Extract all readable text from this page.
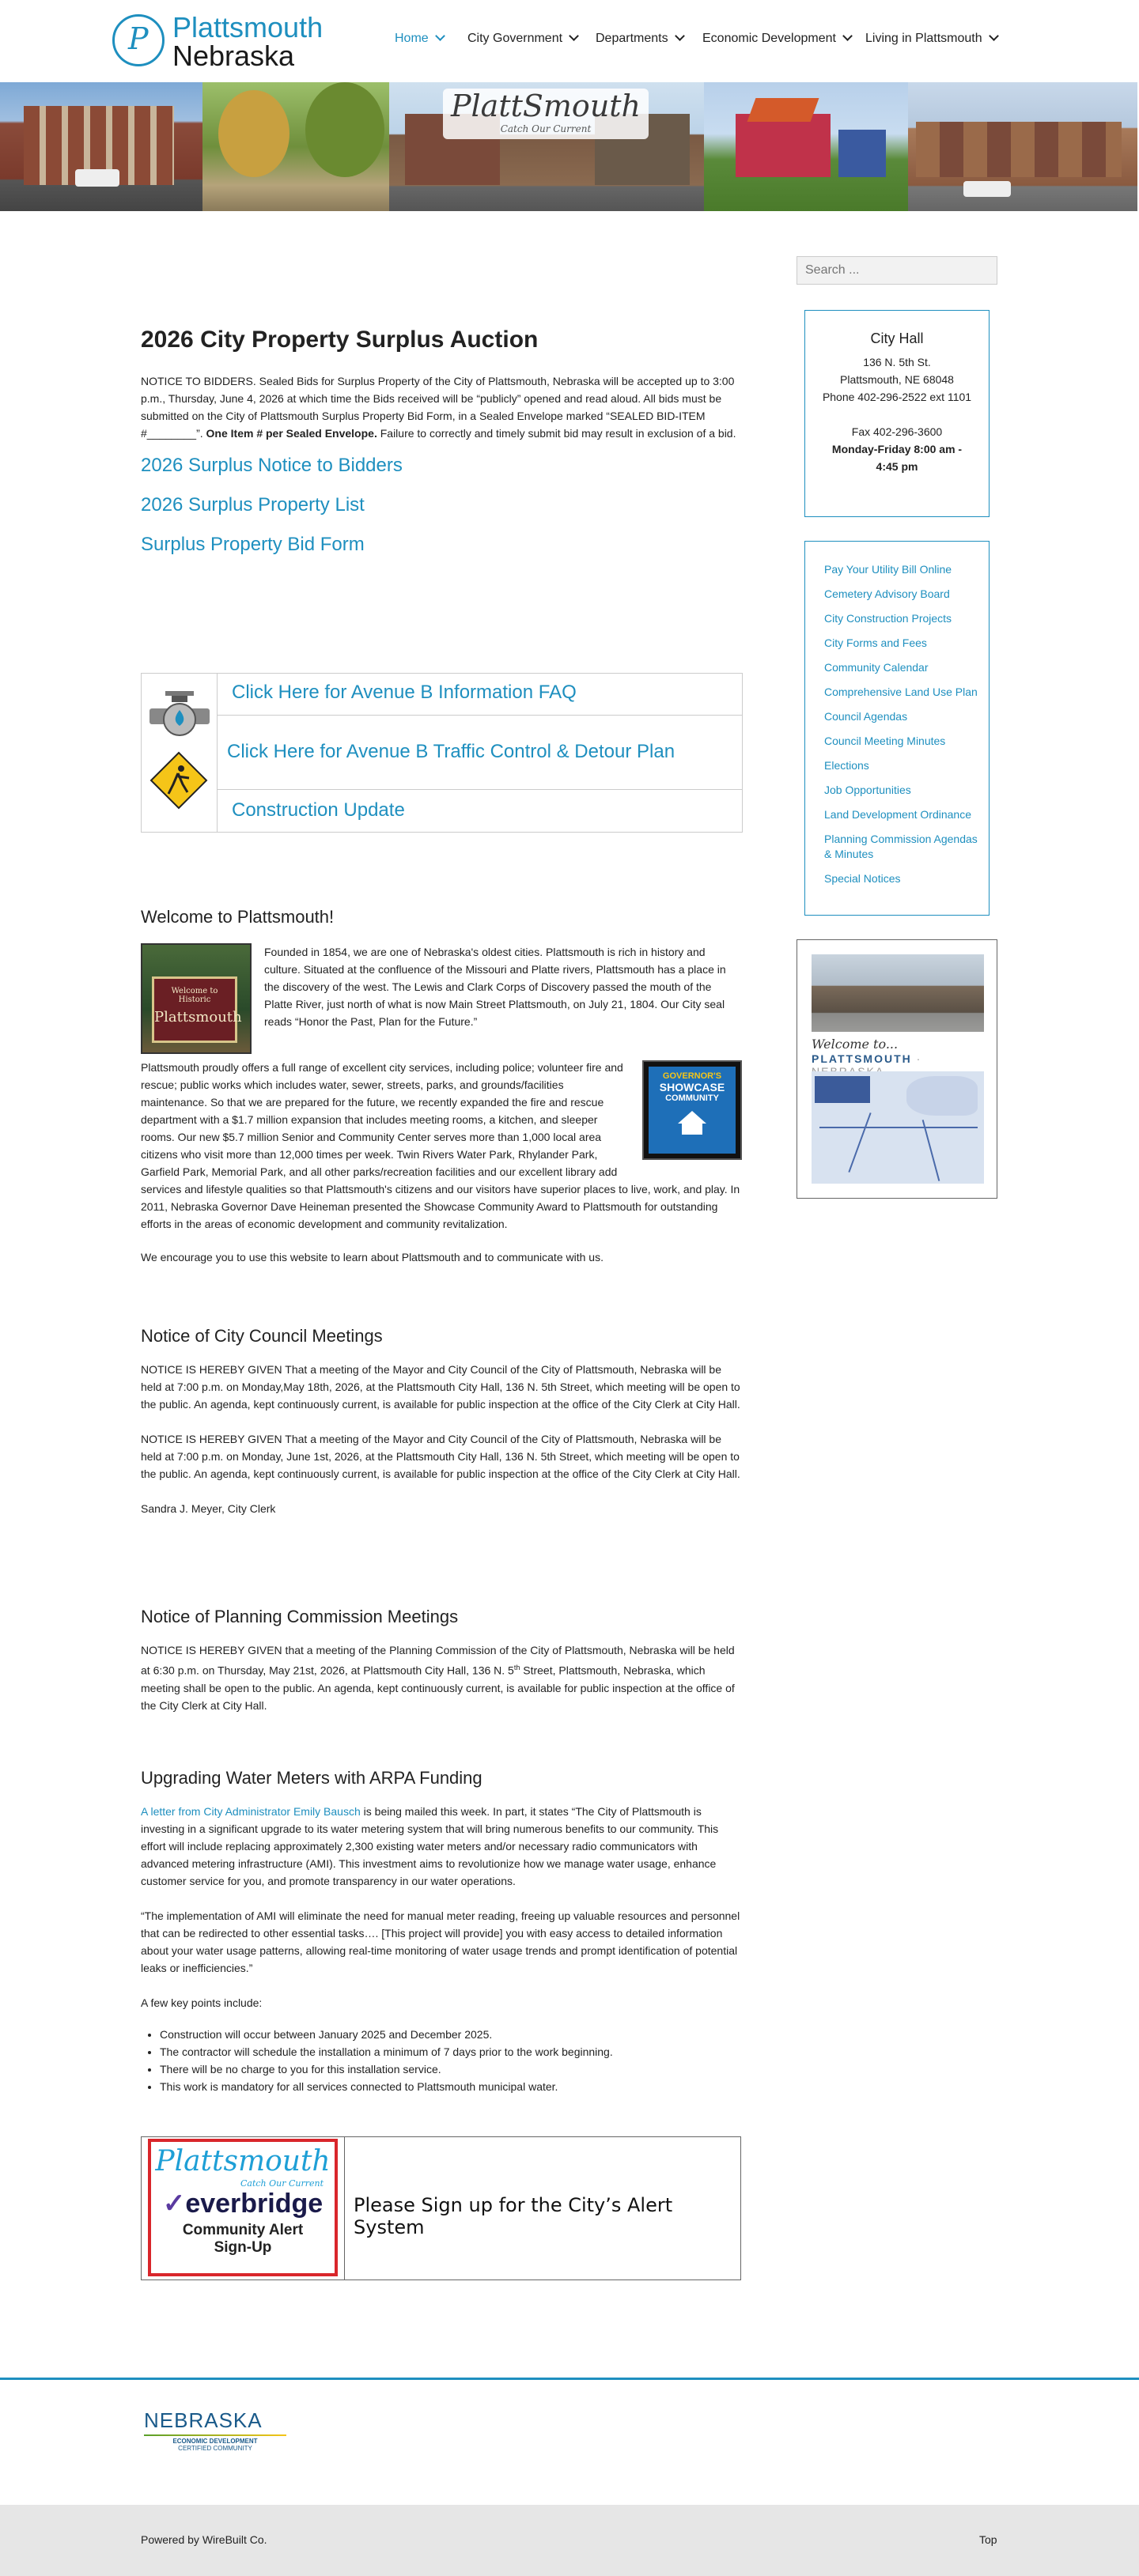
P Plattsmouth
Nebraska
Home	City Government	Departments	Economic Development	Living in Plattsmouth
PlattSmouth
Catch Our Current
Search ...
City Hall
136 N. 5th St.
Plattsmouth, NE 68048
Phone 402-296-2522 ext 1101
Fax 402-296-3600
Monday-Friday 8:00 am - 4:45 pm
Pay Your Utility Bill Online
Cemetery Advisory Board
City Construction Projects
City Forms and Fees
Community Calendar
Comprehensive Land Use Plan
Council Agendas
Council Meeting Minutes
Elections
Job Opportunities
Land Development Ordinance
Planning Commission Agendas & Minutes
Special Notices
Welcome to...
PLATTSMOUTH ·
2026 City Property Surplus Auction

NOTICE TO BIDDERS. Sealed Bids for Surplus Property of the City of Plattsmouth, Nebraska will be accepted up to 3:00 p.m., Thursday, June 4, 2026 at which time the Bids received will be “publicly” opened and read aloud. All bids must be submitted on the City of Plattsmouth Surplus Property Bid Form, in a Sealed Envelope marked “SEALED BID-ITEM #________”. One Item # per Sealed Envelope. Failure to correctly and timely submit bid may result in exclusion of a bid.

2026 Surplus Notice to Bidders
2026 Surplus Property List
Surplus Property Bid Form
Click Here for Avenue B Information FAQ
Click Here for Avenue B Traffic Control & Detour Plan
Construction Update
Welcome to Plattsmouth!
Welcome to Historic
Plattsmouth

Founded in 1854, we are one of Nebraska's oldest cities. Plattsmouth is rich in history and culture. Situated at the confluence of the Missouri and Platte rivers, Plattsmouth has a place in the discovery of the west. The Lewis and Clark Corps of Discovery passed the mouth of the Platte River, just north of what is now Main Street Plattsmouth, on July 21, 1804. Our City seal reads “Honor the Past, Plan for the Future.”

GOVERNOR'S
SHOWCASE
COMMUNITY

Plattsmouth proudly offers a full range of excellent city services, including police; volunteer fire and rescue; public works which includes water, sewer, streets, parks, and grounds/facilities maintenance. So that we are prepared for the future, we recently expanded the fire and rescue department with a $1.7 million expansion that includes meeting rooms, a kitchen, and sleeper rooms. Our new $5.7 million Senior and Community Center serves more than 1,000 local area citizens who visit more than 12,000 times per week. Twin Rivers Water Park, Rhylander Park, Garfield Park, Memorial Park, and all other parks/recreation facilities and our excellent library add services and lifestyle qualities so that Plattsmouth's citizens and our visitors have superior places to live, work, and play. In 2011, Nebraska Governor Dave Heineman presented the Showcase Community Award to Plattsmouth for outstanding efforts in the areas of economic development and community revitalization.

We encourage you to use this website to learn about Plattsmouth and to communicate with us.

Notice of City Council Meetings

NOTICE IS HEREBY GIVEN That a meeting of the Mayor and City Council of the City of Plattsmouth, Nebraska will be held at 7:00 p.m. on Monday,May 18th, 2026, at the Plattsmouth City Hall, 136 N. 5th Street, which meeting will be open to the public. An agenda, kept continuously current, is available for public inspection at the office of the City Clerk at City Hall.

NOTICE IS HEREBY GIVEN That a meeting of the Mayor and City Council of the City of Plattsmouth, Nebraska will be held at 7:00 p.m. on Monday, June 1st, 2026, at the Plattsmouth City Hall, 136 N. 5th Street, which meeting will be open to the public. An agenda, kept continuously current, is available for public inspection at the office of the City Clerk at City Hall.

Sandra J. Meyer, City Clerk

Notice of Planning Commission Meetings

NOTICE IS HEREBY GIVEN that a meeting of the Planning Commission of the City of Plattsmouth, Nebraska will be held at 6:30 p.m. on Thursday, May 21st, 2026, at Plattsmouth City Hall, 136 N. 5th Street, Plattsmouth, Nebraska, which meeting shall be open to the public. An agenda, kept continuously current, is available for public inspection at the office of the City Clerk at City Hall.

Upgrading Water Meters with ARPA Funding

A letter from City Administrator Emily Bausch is being mailed this week. In part, it states “The City of Plattsmouth is investing in a significant upgrade to its water metering system that will bring numerous benefits to our community. This effort will include replacing approximately 2,300 existing water meters and/or necessary radio communicators with advanced metering infrastructure (AMI). This investment aims to revolutionize how we manage water usage, enhance customer service for you, and promote transparency in our water operations.

“The implementation of AMI will eliminate the need for manual meter reading, freeing up valuable resources and personnel that can be redirected to other essential tasks…. [This project will provide] you with easy access to detailed information about your water usage patterns, allowing real-time monitoring of water usage trends and prompt identification of potential leaks or inefficiencies.”

A few key points include:

• Construction will occur between January 2025 and December 2025.
• The contractor will schedule the installation a minimum of 7 days prior to the work beginning.
• There will be no charge to you for this installation service.
• This work is mandatory for all services connected to Plattsmouth municipal water.
Plattsmouth
Catch Our Current
✓everbridge
Community Alert
Sign-Up
Please Sign up for the City’s Alert System
NEBRASKA
ECONOMIC DEVELOPMENT
CERTIFIED COMMUNITY
Powered by WireBuilt Co.	Top
